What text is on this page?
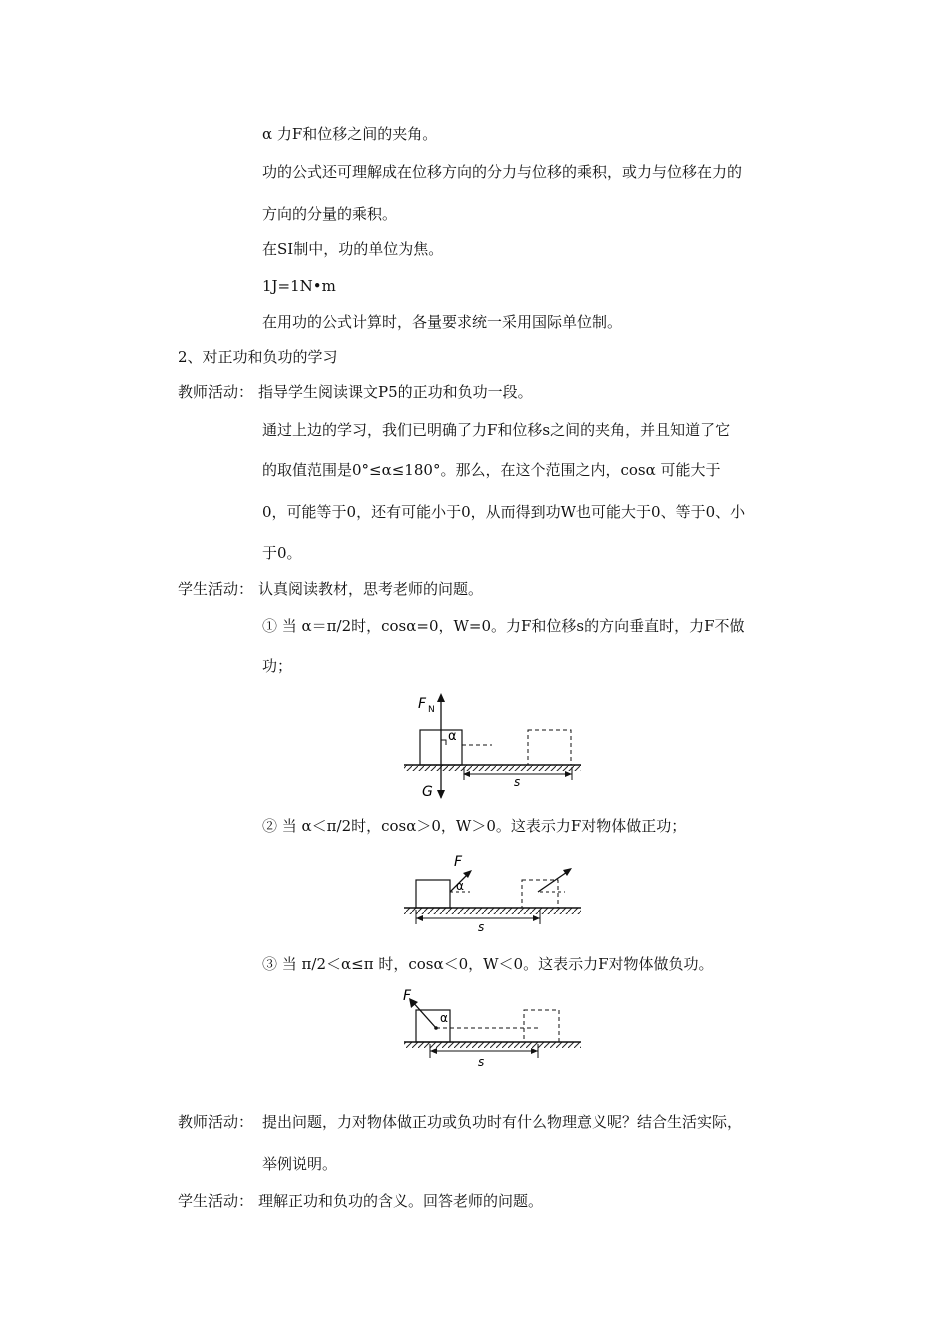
α 力F和位移之间的夹角。
功的公式还可理解成在位移方向的分力与位移的乘积，或力与位移在力的
方向的分量的乘积。
在SI制中，功的单位为焦。
1J=1N•m
在用功的公式计算时，各量要求统一采用国际单位制。
2、对正功和负功的学习
教师活动： 指导学生阅读课文P5的正功和负功一段。
通过上边的学习，我们已明确了力F和位移s之间的夹角，并且知道了它
的取值范围是0°≤α≤180°。那么，在这个范围之内，cosα 可能大于
0，可能等于0，还有可能小于0，从而得到功W也可能大于0、等于0、小
于0。
学生活动： 认真阅读教材，思考老师的问题。
① 当 α＝π/2时，cosα=0，W=0。力F和位移s的方向垂直时，力F不做
功；
F N
α
G
s
② 当 α＜π/2时，cosα＞0，W＞0。这表示力F对物体做正功；
F
α
s
③ 当 π/2＜α≤π 时，cosα＜0，W＜0。这表示力F对物体做负功。
F
α
s
教师活动： 提出问题，力对物体做正功或负功时有什么物理意义呢？结合生活实际，
举例说明。
学生活动： 理解正功和负功的含义。回答老师的问题。
